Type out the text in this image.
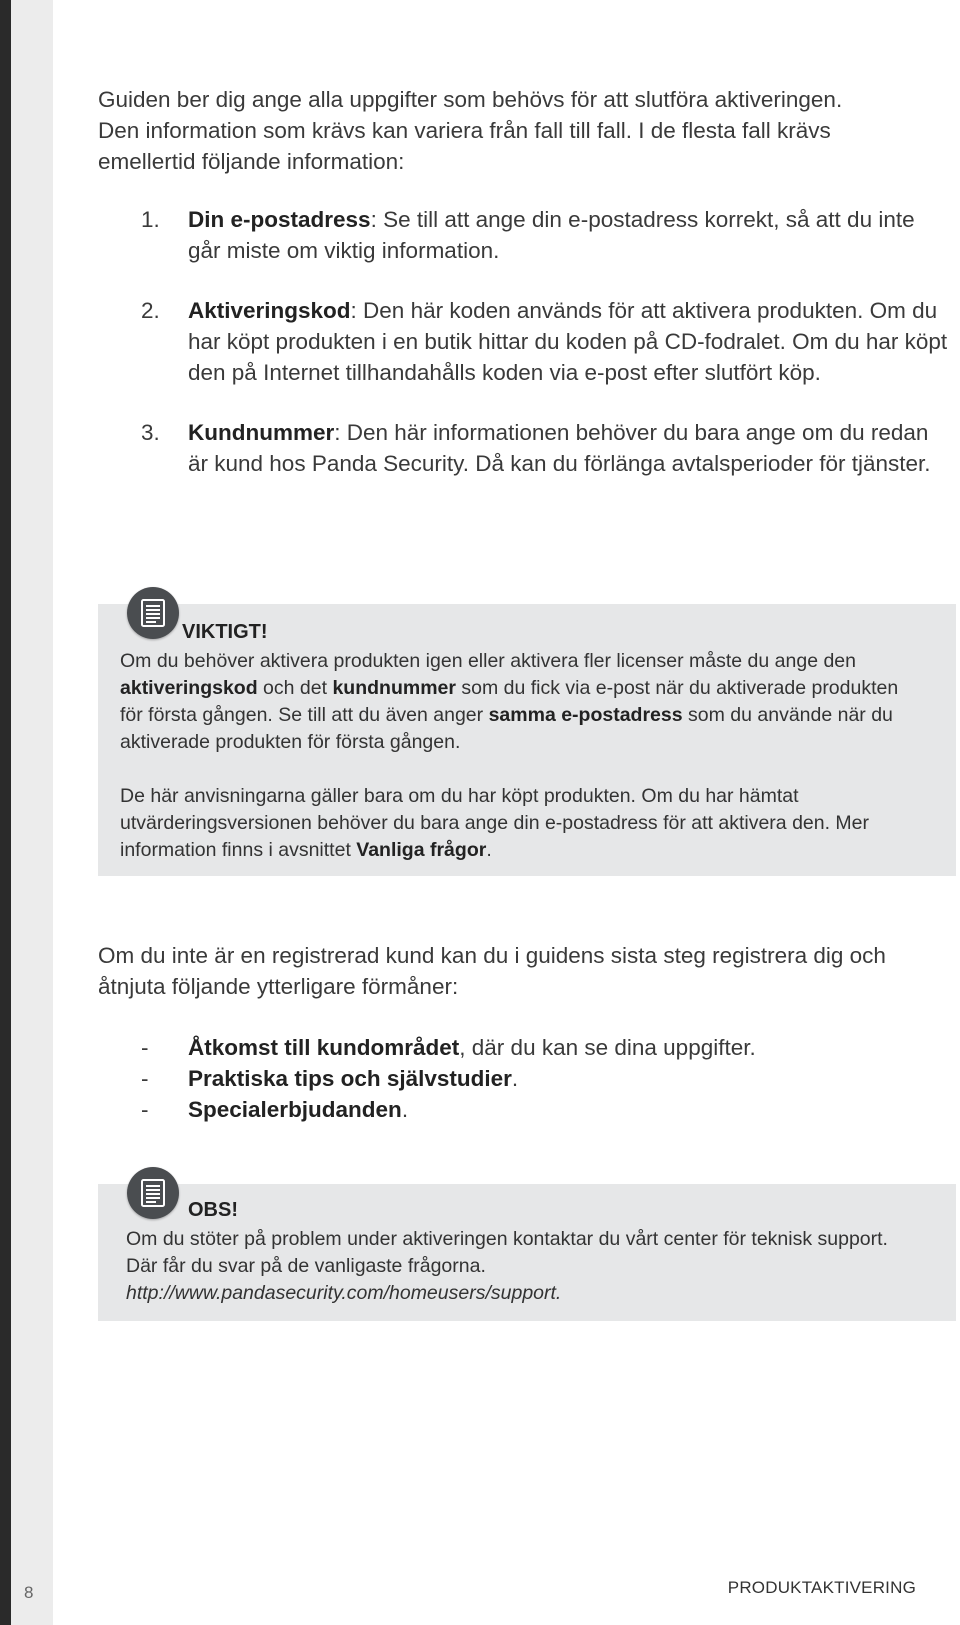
Guiden ber dig ange alla uppgifter som behövs för att slutföra aktiveringen.

Den information som krävs kan variera från fall till fall. I de flesta fall krävs

emellertid följande information:

1. Din e-postadress: Se till att ange din e-postadress korrekt, så att du inte går miste om viktig information.
2. Aktiveringskod: Den här koden används för att aktivera produkten. Om du har köpt produkten i en butik hittar du koden på CD-fodralet. Om du har köpt den på Internet tillhandahålls koden via e-post efter slutfört köp.
3. Kundnummer: Den här informationen behöver du bara ange om du redan är kund hos Panda Security. Då kan du förlänga avtalsperioder för tjänster.
VIKTIGT!

Om du behöver aktivera produkten igen eller aktivera fler licenser måste du ange den aktiveringskod och det kundnummer som du fick via e-post när du aktiverade produkten för första gången. Se till att du även anger samma e-postadress som du använde när du aktiverade produkten för första gången.

De här anvisningarna gäller bara om du har köpt produkten. Om du har hämtat utvärderingsversionen behöver du bara ange din e-postadress för att aktivera den. Mer information finns i avsnittet Vanliga frågor.

Om du inte är en registrerad kund kan du i guidens sista steg registrera dig och åtnjuta följande ytterligare förmåner:

- Åtkomst till kundområdet, där du kan se dina uppgifter.
- Praktiska tips och självstudier.
- Specialerbjudanden.
OBS!

Om du stöter på problem under aktiveringen kontaktar du vårt center för teknisk support. Där får du svar på de vanligaste frågorna.

http://www.pandasecurity.com/homeusers/support.

8	PRODUKTAKTIVERING
